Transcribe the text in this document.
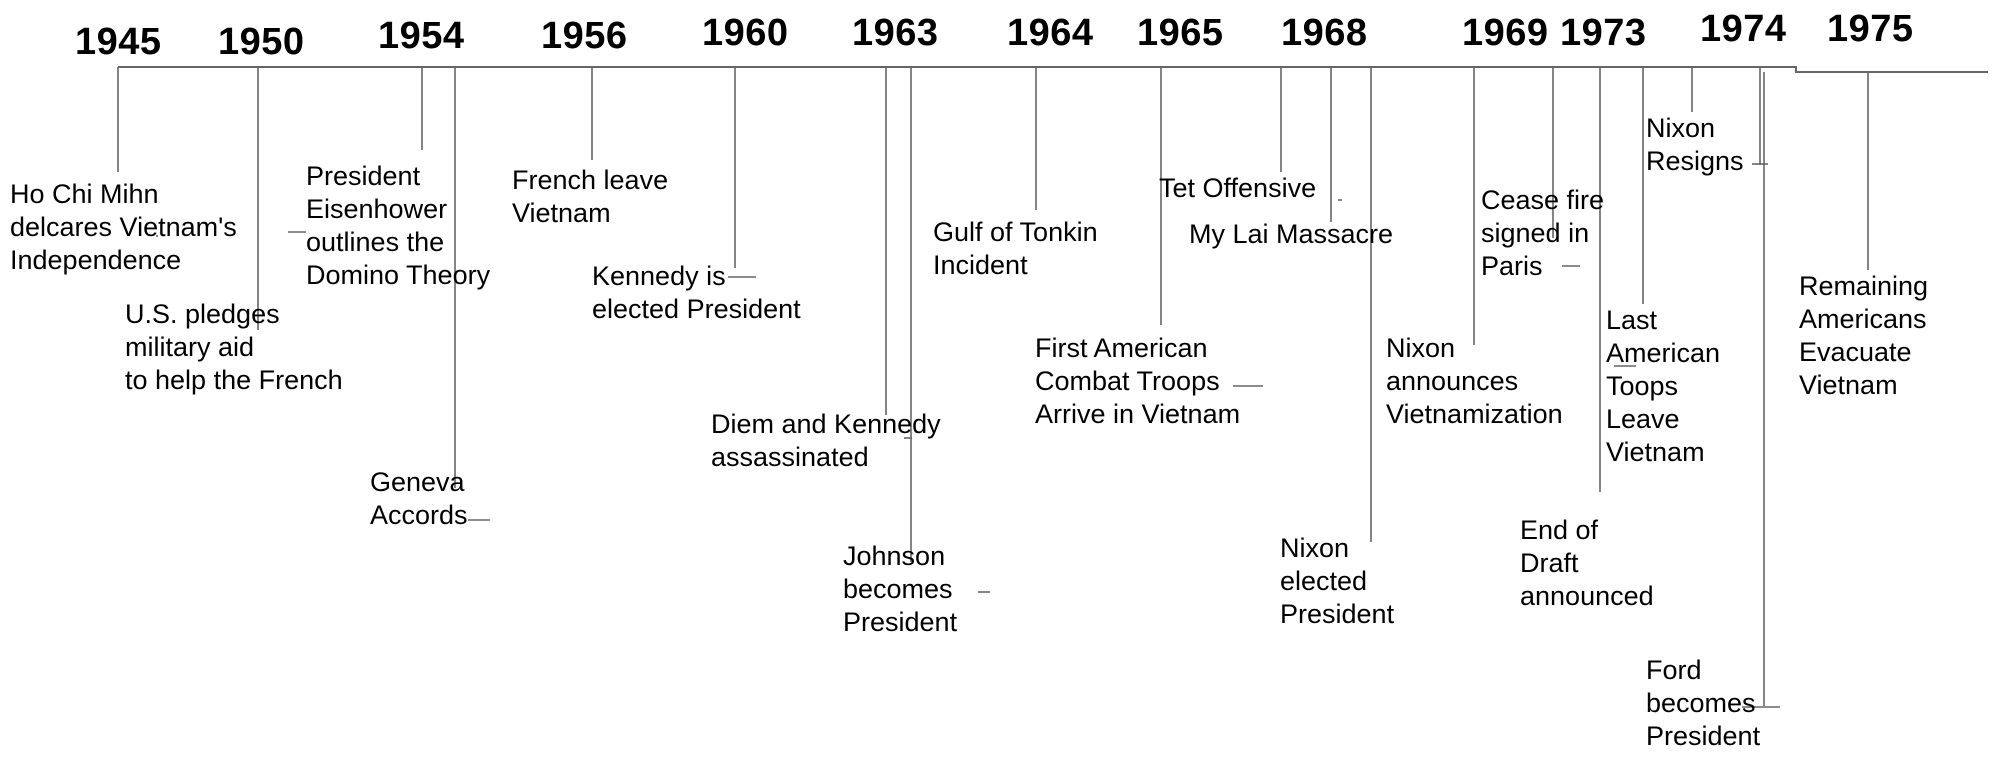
1945 1950 1954 1956 1960 1963 1964 1965 1968 1969 1973 1974 1975
Ho Chi Mihn
delcares Vietnam's
Independence
U.S. pledges
military aid
to help the French
President
Eisenhower
outlines the
Domino Theory
Geneva
Accords
French leave
Vietnam
Kennedy is
elected President
Diem and Kennedy
assassinated
Johnson
becomes
President
Gulf of Tonkin
Incident
First American
Combat Troops
Arrive in Vietnam
Tet Offensive
My Lai Massacre
Nixon
elected
President
Nixon
announces
Vietnamization
Cease fire
signed in
Paris
End of
Draft
announced
Last
American
Toops
Leave
Vietnam
Nixon
Resigns
Ford
becomes
President
Remaining
Americans
Evacuate
Vietnam
